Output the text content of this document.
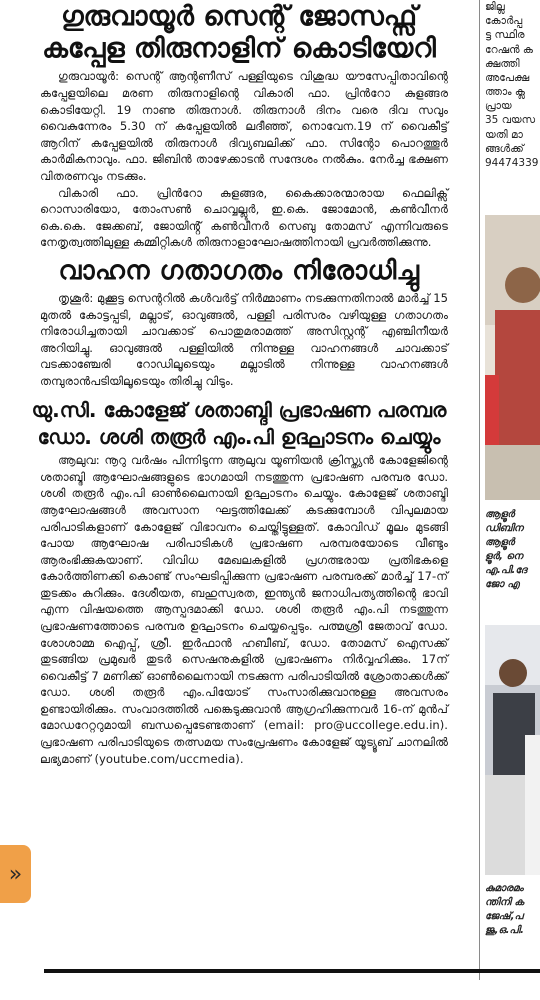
ഗുരുവായൂർ സെന്റ് ജോസഫ്സ്
കപ്പേള തിരുനാളിന് കൊടിയേറി

ഗുരുവായൂർ: സെന്റ് ആന്റണീസ് പള്ളിയുടെ വിശുദ്ധ യൗസേപ്പിതാവിന്റെ കപ്പേളയിലെ മരണ തിരുനാളിന്റെ വികാരി ഫാ. പ്രിൻറോ കുളങ്ങര കൊടിയേറ്റി. 19 നാണു തിരുനാൾ. തിരുനാൾ ദിനം വരെ ദിവ സവും വൈകുന്നേരം 5.30 ന് കപ്പേളയിൽ ലദീഞ്ഞ്, നൊവേന.19 ന് വൈകീട്ട് ആറിന് കപ്പേളയിൽ തിരുനാൾ ദിവ്യബലിക്ക് ഫാ. സിന്റോ പൊറത്തൂർ കാർമികനാവും. ഫാ. ജിബിൻ താഴേക്കാടൻ സന്ദേശം നൽകും. നേർച്ച ഭക്ഷണ വിതരണവും നടക്കും.

വികാരി ഫാ. പ്രിൻറോ കുളങ്ങര, കൈക്കാരന്മാരായ ഫെലിക്സ് റൊസാരിയോ, തോംസൺ ചൊവ്വല്ലൂർ, ഇ.കെ. ജോമോൻ, കൺവീനർ കെ.കെ. ജേക്കബ്, ജോയിൻ്റ് കൺവീനർ സെബു തോമസ് എന്നിവരുടെ നേതൃത്വത്തിലുള്ള കമ്മിറ്റികൾ തിരുനാളാഘോഷത്തിനായി പ്രവർത്തിക്കുന്നു.

വാഹന ഗതാഗതം നിരോധിച്ചു

തൃശൂർ: മുക്കൂട്ട സെന്ററിൽ കൾവർട്ട് നിർമ്മാണം നടക്കുന്നതിനാൽ മാർച്ച് 15 മുതൽ കോട്ടപ്പടി, മല്ലാട്, ഓവുങ്ങൽ, പള്ളി പരിസരം വഴിയുള്ള ഗതാഗതം നിരോധിച്ചതായി ചാവക്കാട് പൊതുമരാമത്ത് അസിസ്റ്റന്റ് എഞ്ചിനീയർ അറിയിച്ചു. ഓവുങ്ങൽ പള്ളിയിൽ നിന്നുള്ള വാഹനങ്ങൾ ചാവക്കാട് വടക്കാഞ്ചേരി റോഡിലൂടെയും മല്ലാടിൽ നിന്നുള്ള വാഹനങ്ങൾ തമ്പുരാൻപടിയിലൂടെയും തിരിച്ചു വിടും.

യു.സി. കോളേജ് ശതാബ്ദി പ്രഭാഷണ പരമ്പര
ഡോ. ശശി തരൂർ എം.പി ഉദ്ഘാടനം ചെയ്യും

ആലുവ: നൂറു വർഷം പിന്നിടുന്ന ആലുവ യൂണിയൻ ക്രിസ്ത്യൻ കോളേജിന്റെ ശതാബ്ദി ആഘോഷങ്ങളുടെ ഭാഗമായി നടത്തുന്ന പ്രഭാഷണ പരമ്പര ഡോ. ശശി തരൂർ എം.പി ഓൺലൈനായി ഉദ്ഘാടനം ചെയ്യും. കോളേജ് ശതാബ്ദി ആഘോഷങ്ങൾ അവസാന ഘട്ടത്തിലേക്ക് കടക്കുമ്പോൾ വിപുലമായ പരിപാടികളാണ് കോളേജ് വിഭാവനം ചെയ്തിട്ടുള്ളത്. കോവിഡ് മൂലം മുടങ്ങി പോയ ആഘോഷ പരിപാടികൾ പ്രഭാഷണ പരമ്പരയോടെ വീണ്ടും ആരംഭിക്കുകയാണ്. വിവിധ മേഖലകളിൽ പ്രഗത്ഭരായ പ്രതിഭകളെ കോർത്തിണക്കി കൊണ്ട് സംഘടിപ്പിക്കുന്ന പ്രഭാഷണ പരമ്പരക്ക് മാർച്ച് 17-ന് തുടക്കം കുറിക്കും. ദേശീയത, ബഹുസ്വരത, ഇന്ത്യൻ ജനാധിപത്യത്തിന്റെ ഭാവി എന്ന വിഷയത്തെ ആസ്പദമാക്കി ഡോ. ശശി തരൂർ എം.പി നടത്തുന്ന പ്രഭാഷണത്തോടെ പരമ്പര ഉദ്ഘാടനം ചെയ്യപ്പെടും. പത്മശ്രീ ജേതാവ് ഡോ. ശോശാമ്മ ഐപ്പ്, ശ്രീ. ഇർഫാൻ ഹബീബ്, ഡോ. തോമസ് ഐസക്ക് തുടങ്ങിയ പ്രമുഖർ തുടർ സെഷനുകളിൽ പ്രഭാഷണം നിർവ്വഹിക്കും. 17ന് വൈകീട്ട് 7 മണിക്ക് ഓൺലൈനായി നടക്കുന്ന പരിപാടിയിൽ ശ്രോതാക്കൾക്ക് ഡോ. ശശി തരൂർ എം.പിയോട് സംസാരിക്കുവാനുള്ള അവസരം ഉണ്ടായിരിക്കും. സംവാദത്തിൽ പങ്കെടുക്കുവാൻ ആഗ്രഹിക്കുന്നവർ 16-ന് മുൻപ് മോഡറേറ്ററുമായി ബന്ധപ്പെടേണ്ടതാണ് (email: pro@uccollege.edu.in). പ്രഭാഷണ പരിപാടിയുടെ തത്സമയ സംപ്രേഷണം കോളേജ് യൂട്യൂബ് ചാനലിൽ ലഭ്യമാണ് (youtube.com/uccmedia).

ജില്ല
കോർപ്പ
ട്ട സ്ഥിര
റേഷൻ ക
ക്ഷത്തി
അപേക്ഷ
ത്താം ക്ല
പ്രായ
35 വയസ
യതി മാ
ങ്ങൾക്ക്
94474339
ആളൂർ
ഡിബിന
ആളൂർ
ളൂർ, നെ
എ.പി.ദേ
ജോ എ
കുമാരമം
ന്തിനി ക
ജേഷ്,പ
ജു,ഒ.പി.
»
